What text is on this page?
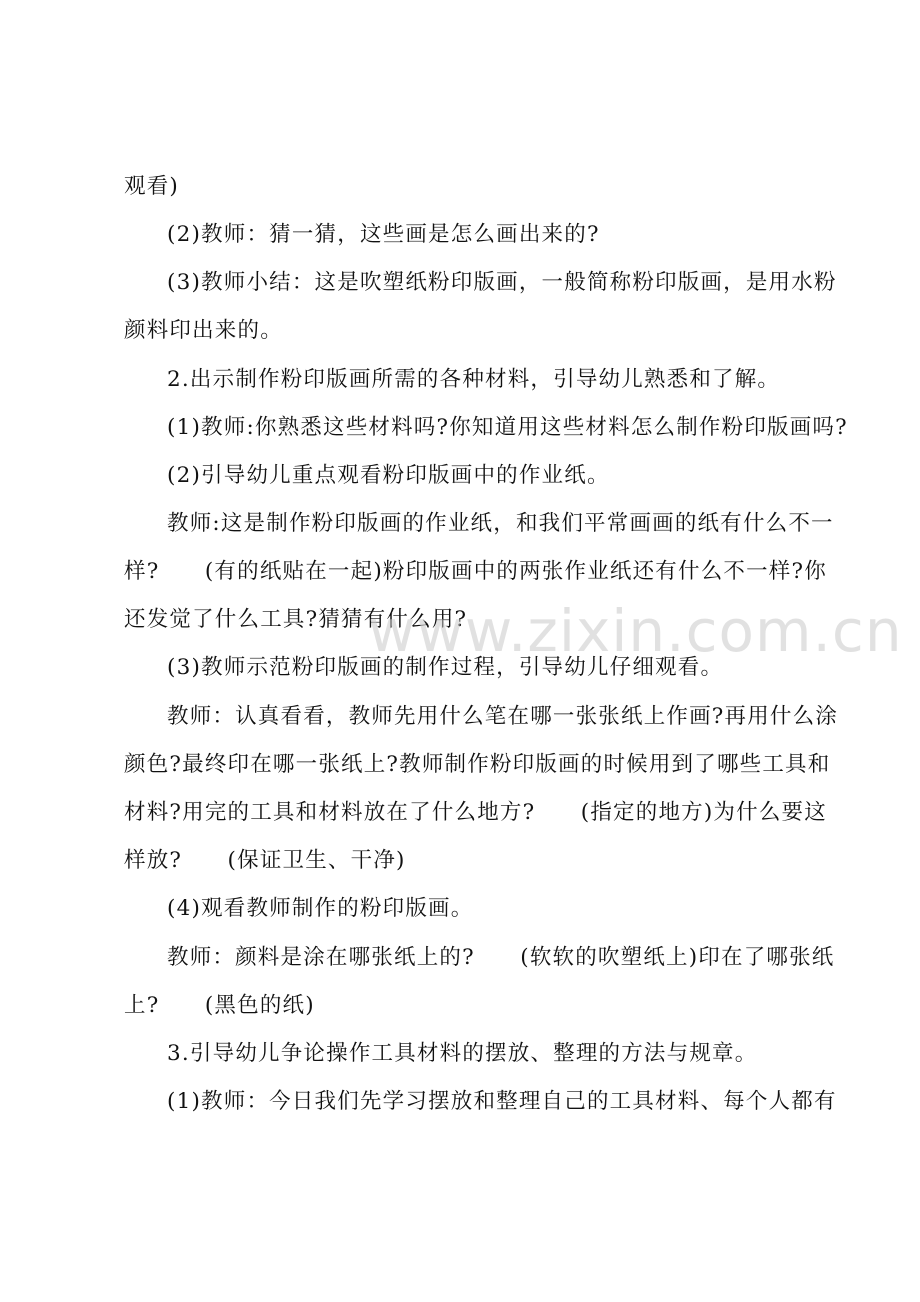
观看)
(2)教师：猜一猜，这些画是怎么画出来的?
(3)教师小结：这是吹塑纸粉印版画，一般简称粉印版画，是用水粉
颜料印出来的。
2.出示制作粉印版画所需的各种材料，引导幼儿熟悉和了解。
(1)教师:你熟悉这些材料吗?你知道用这些材料怎么制作粉印版画吗?
(2)引导幼儿重点观看粉印版画中的作业纸。
教师:这是制作粉印版画的作业纸，和我们平常画画的纸有什么不一
样?　　(有的纸贴在一起)粉印版画中的两张作业纸还有什么不一样?你
还发觉了什么工具?猜猜有什么用?
(3)教师示范粉印版画的制作过程，引导幼儿仔细观看。
教师：认真看看，教师先用什么笔在哪一张张纸上作画?再用什么涂
颜色?最终印在哪一张纸上?教师制作粉印版画的时候用到了哪些工具和
材料?用完的工具和材料放在了什么地方?　　(指定的地方)为什么要这
样放?　　(保证卫生、干净)
(4)观看教师制作的粉印版画。
教师：颜料是涂在哪张纸上的?　　(软软的吹塑纸上)印在了哪张纸
上?　　(黑色的纸)
3.引导幼儿争论操作工具材料的摆放、整理的方法与规章。
(1)教师：今日我们先学习摆放和整理自己的工具材料、每个人都有
www.zixin.com.cn
